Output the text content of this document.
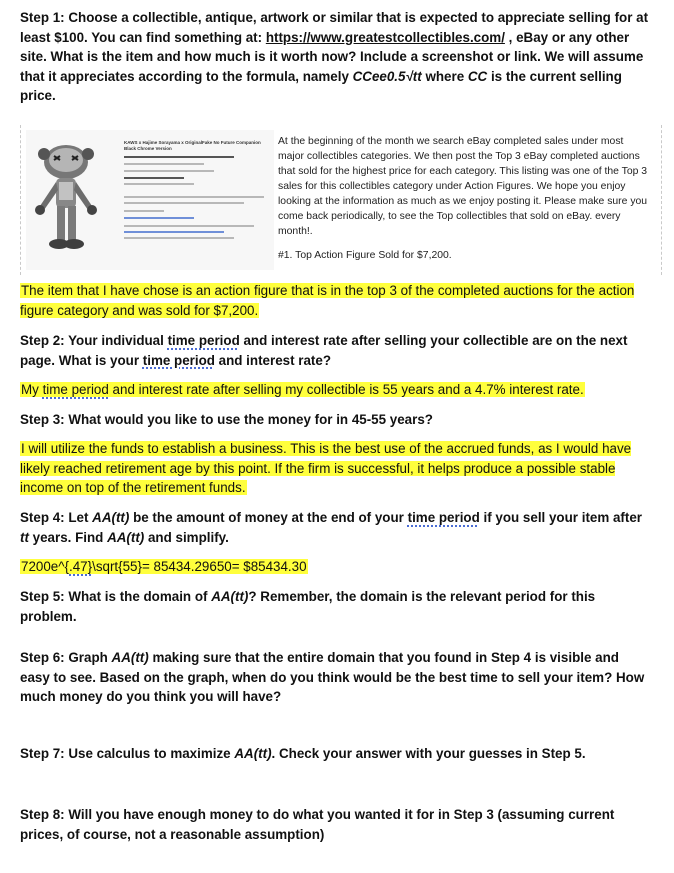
Step 1: Choose a collectible, antique, artwork or similar that is expected to appreciate selling for at least $100. You can find something at: https://www.greatestcollectibles.com/ , eBay or any other site. What is the item and how much is it worth now? Include a screenshot or link. We will assume that it appreciates according to the formula, namely CCee0.5√tt where CC is the current selling price.

KAWS x Hajime Sorayama x OriginalFake No Future Companion Black Chrome Version

At the beginning of the month we search eBay completed sales under most major collectibles categories. We then post the Top 3 eBay completed auctions that sold for the highest price for each category. This listing was one of the Top 3 sales for this collectibles category under Action Figures. We hope you enjoy looking at the information as much as we enjoy posting it. Please make sure you come back periodically, to see the Top collectibles that sold on eBay. every month!.

#1. Top Action Figure Sold for $7,200.

The item that I have chose is an action figure that is in the top 3 of the completed auctions for the action figure category and was sold for $7,200.

Step 2: Your individual time period and interest rate after selling your collectible are on the next page. What is your time period and interest rate?

My time period and interest rate after selling my collectible is 55 years and a 4.7% interest rate.

Step 3: What would you like to use the money for in 45-55 years?

I will utilize the funds to establish a business. This is the best use of the accrued funds, as I would have likely reached retirement age by this point. If the firm is successful, it helps produce a possible stable income on top of the retirement funds.

Step 4: Let AA(tt) be the amount of money at the end of your time period if you sell your item after tt years. Find AA(tt) and simplify.

7200e^{.47}\sqrt{55}= 85434.29650= $85434.30

Step 5: What is the domain of AA(tt)? Remember, the domain is the relevant period for this problem.

Step 6: Graph AA(tt) making sure that the entire domain that you found in Step 4 is visible and easy to see. Based on the graph, when do you think would be the best time to sell your item? How much money do you think you will have?

Step 7: Use calculus to maximize AA(tt). Check your answer with your guesses in Step 5.

Step 8: Will you have enough money to do what you wanted it for in Step 3 (assuming current prices, of course, not a reasonable assumption)
